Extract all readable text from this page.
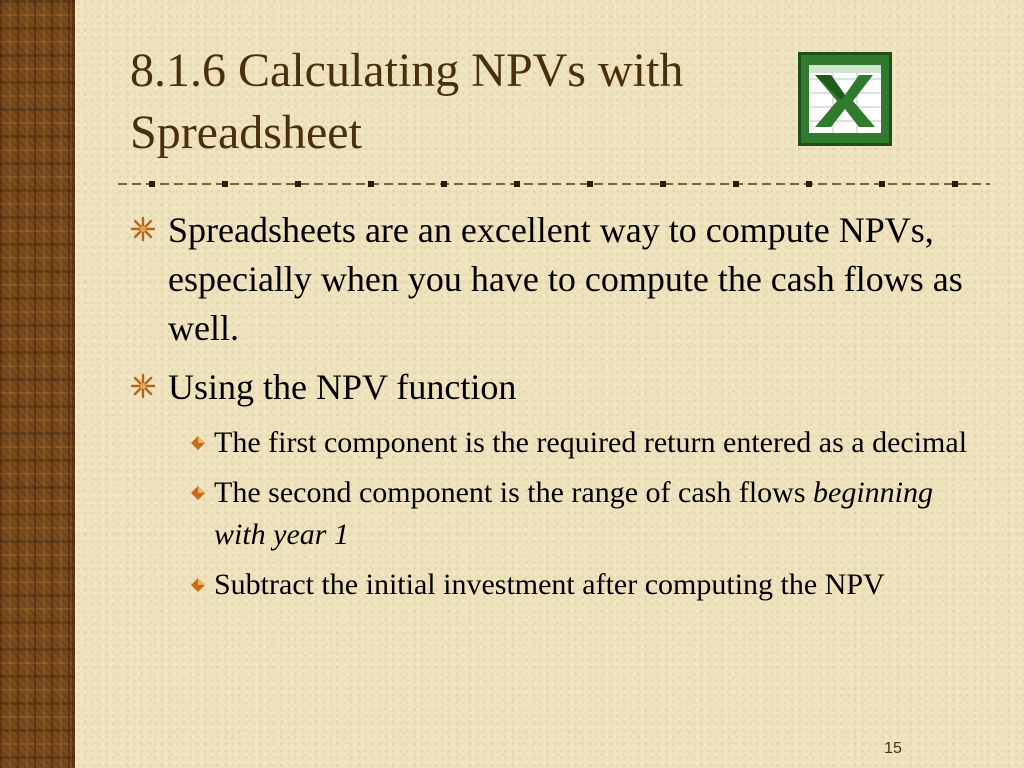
8.1.6 Calculating NPVs with
Spreadsheet
Spreadsheets are an excellent way to compute NPVs, especially when you have to compute the cash flows as well.
Using the NPV function
The first component is the required return entered as a decimal
The second component is the range of cash flows beginning with year 1
Subtract the initial investment after computing the NPV
15
